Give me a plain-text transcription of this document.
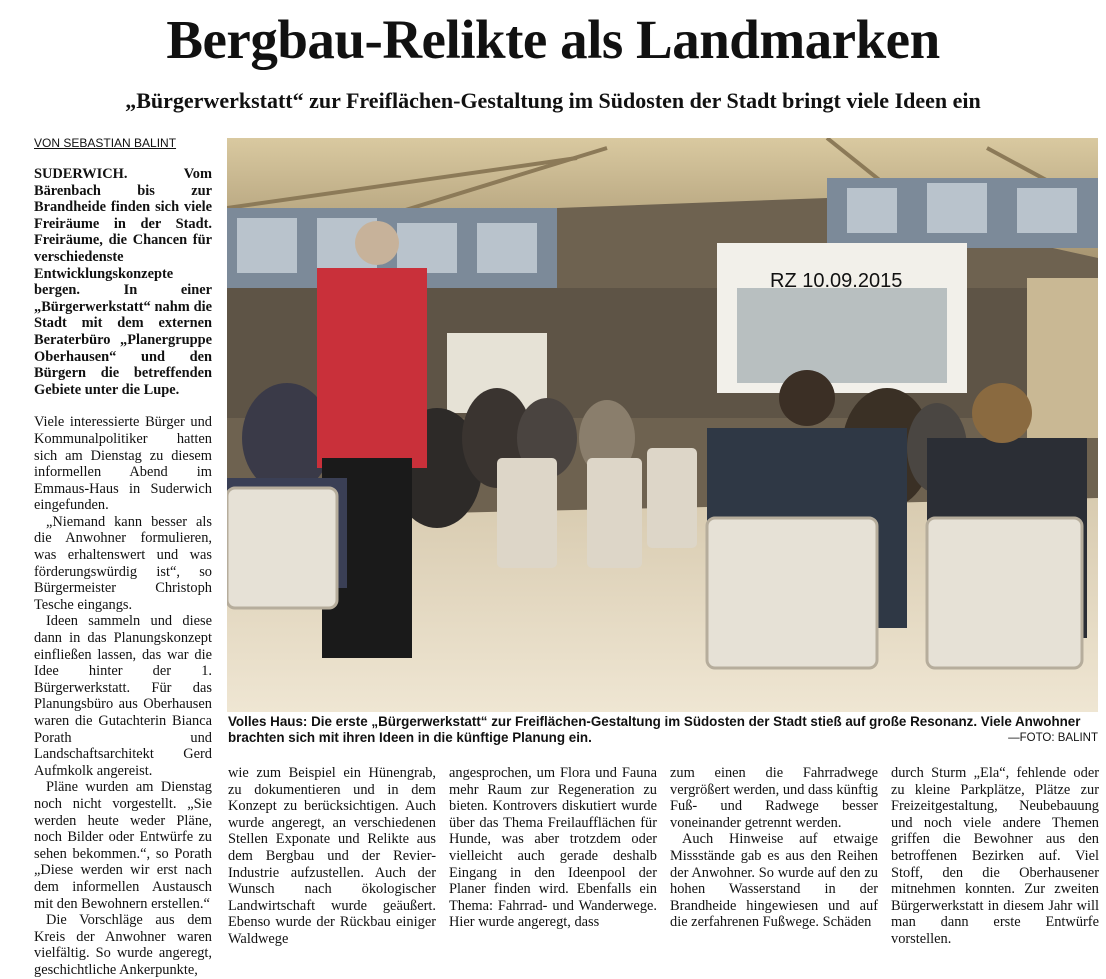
Bergbau-Relikte als Landmarken
„Bürgerwerkstatt“ zur Freiflächen-Gestaltung im Südosten der Stadt bringt viele Ideen ein
VON SEBASTIAN BALINT

SUDERWICH. Vom Bärenbach bis zur Brandheide finden sich viele Freiräume in der Stadt. Freiräume, die Chancen für verschiedenste Entwicklungskonzepte bergen. In einer „Bürgerwerkstatt“ nahm die Stadt mit dem externen Beraterbüro „Planergruppe Oberhausen“ und den Bürgern die betreffenden Gebiete unter die Lupe.

Viele interessierte Bürger und Kommunalpolitiker hatten sich am Dienstag zu diesem informellen Abend im Emmaus-Haus in Suderwich eingefunden.

„Niemand kann besser als die Anwohner formulieren, was erhaltenswert und was förderungswürdig ist“, so Bürgermeister Christoph Tesche eingangs.

Ideen sammeln und diese dann in das Planungskonzept einfließen lassen, das war die Idee hinter der 1. Bürgerwerkstatt. Für das Planungsbüro aus Oberhausen waren die Gutachterin Bianca Porath und Landschaftsarchitekt Gerd Aufmkolk angereist.

Pläne wurden am Dienstag noch nicht vorgestellt. „Sie werden heute weder Pläne, noch Bilder oder Entwürfe zu sehen bekommen.“, so Porath „Diese werden wir erst nach dem informellen Austausch mit den Bewohnern erstellen.“

Die Vorschläge aus dem Kreis der Anwohner waren vielfältig. So wurde angeregt, geschichtliche Ankerpunkte,

RZ 10.09.2015
Volles Haus: Die erste „Bürgerwerkstatt“ zur Freiflächen-Gestaltung im Südosten der Stadt stieß auf große Resonanz. Viele Anwohner brachten sich mit ihren Ideen in die künftige Planung ein.	—FOTO: BALINT

wie zum Beispiel ein Hünengrab, zu dokumentieren und in dem Konzept zu berücksichtigen. Auch wurde angeregt, an verschiedenen Stellen Exponate und Relikte aus dem Bergbau und der Revier-Industrie aufzustellen. Auch der Wunsch nach ökologischer Landwirtschaft wurde geäußert. Ebenso wurde der Rückbau einiger Waldwege

angesprochen, um Flora und Fauna mehr Raum zur Regeneration zu bieten. Kontrovers diskutiert wurde über das Thema Freilaufflächen für Hunde, was aber trotzdem oder vielleicht auch gerade deshalb Eingang in den Ideenpool der Planer finden wird. Ebenfalls ein Thema: Fahrrad- und Wanderwege. Hier wurde angeregt, dass

zum einen die Fahrradwege vergrößert werden, und dass künftig Fuß- und Radwege besser voneinander getrennt werden.

Auch Hinweise auf etwaige Missstände gab es aus den Reihen der Anwohner. So wurde auf den zu hohen Wasserstand in der Brandheide hingewiesen und auf die zerfahrenen Fußwege. Schäden

durch Sturm „Ela“, fehlende oder zu kleine Parkplätze, Plätze zur Freizeitgestaltung, Neubebauung und noch viele andere Themen griffen die Bewohner aus den betroffenen Bezirken auf. Viel Stoff, den die Oberhausener mitnehmen konnten. Zur zweiten Bürgerwerkstatt in diesem Jahr will man dann erste Entwürfe vorstellen.
